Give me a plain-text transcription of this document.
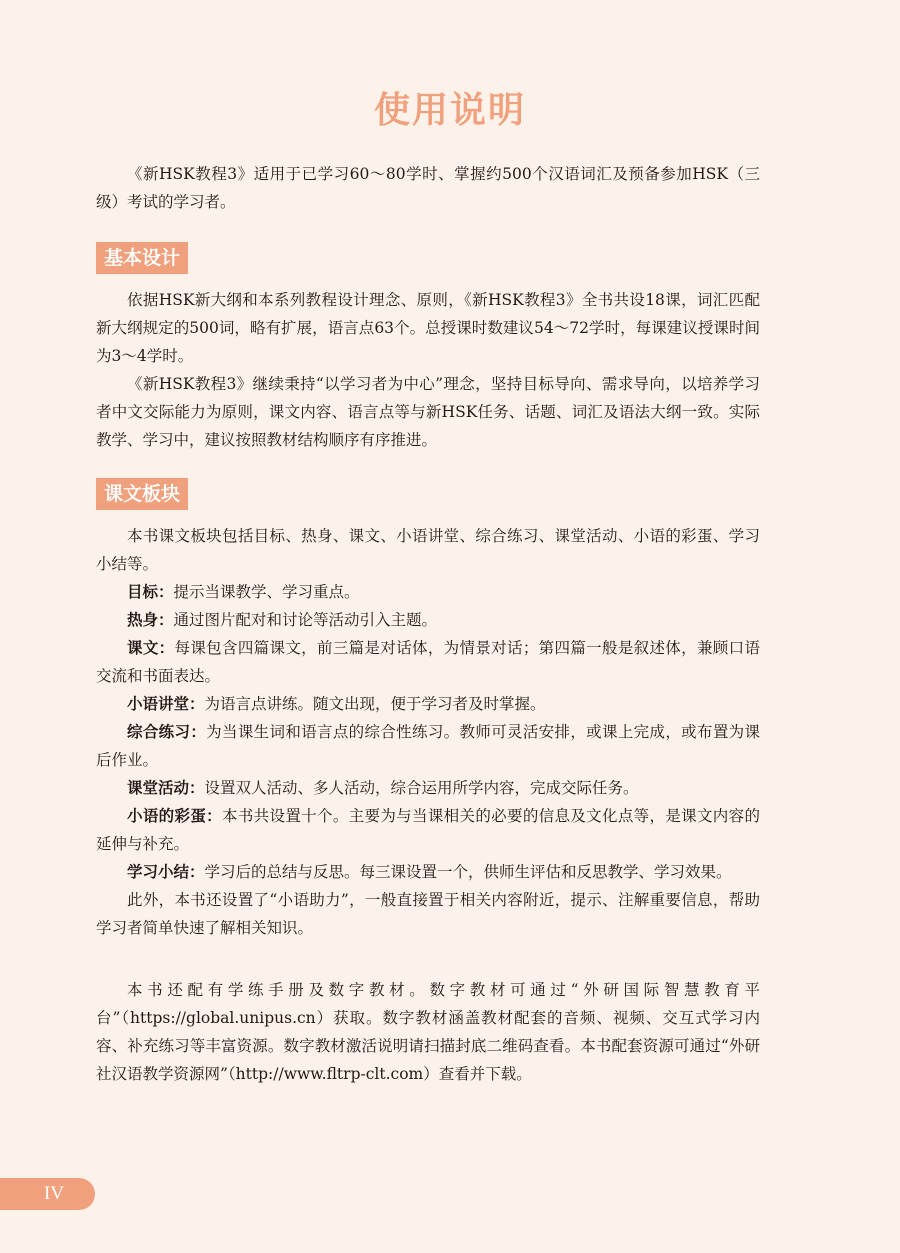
使用说明

《新HSK教程3》适用于已学习60～80学时、掌握约500个汉语词汇及预备参加HSK（三级）考试的学习者。

基本设计

依据HSK新大纲和本系列教程设计理念、原则，《新HSK教程3》全书共设18课，词汇匹配新大纲规定的500词，略有扩展，语言点63个。总授课时数建议54～72学时，每课建议授课时间为3～4学时。

《新HSK教程3》继续秉持“以学习者为中心”理念，坚持目标导向、需求导向，以培养学习者中文交际能力为原则，课文内容、语言点等与新HSK任务、话题、词汇及语法大纲一致。实际教学、学习中，建议按照教材结构顺序有序推进。

课文板块

本书课文板块包括目标、热身、课文、小语讲堂、综合练习、课堂活动、小语的彩蛋、学习小结等。

目标：提示当课教学、学习重点。

热身：通过图片配对和讨论等活动引入主题。

课文：每课包含四篇课文，前三篇是对话体，为情景对话；第四篇一般是叙述体，兼顾口语交流和书面表达。

小语讲堂：为语言点讲练。随文出现，便于学习者及时掌握。

综合练习：为当课生词和语言点的综合性练习。教师可灵活安排，或课上完成，或布置为课后作业。

课堂活动：设置双人活动、多人活动，综合运用所学内容，完成交际任务。

小语的彩蛋：本书共设置十个。主要为与当课相关的必要的信息及文化点等，是课文内容的延伸与补充。

学习小结：学习后的总结与反思。每三课设置一个，供师生评估和反思教学、学习效果。

此外，本书还设置了“小语助力”，一般直接置于相关内容附近，提示、注解重要信息，帮助学习者简单快速了解相关知识。

本书还配有学练手册及数字教材。数字教材可通过“外研国际智慧教育平台”（https://global.unipus.cn）获取。数字教材涵盖教材配套的音频、视频、交互式学习内容、补充练习等丰富资源。数字教材激活说明请扫描封底二维码查看。本书配套资源可通过“外研社汉语教学资源网”（http://www.fltrp-clt.com）查看并下载。

IV
